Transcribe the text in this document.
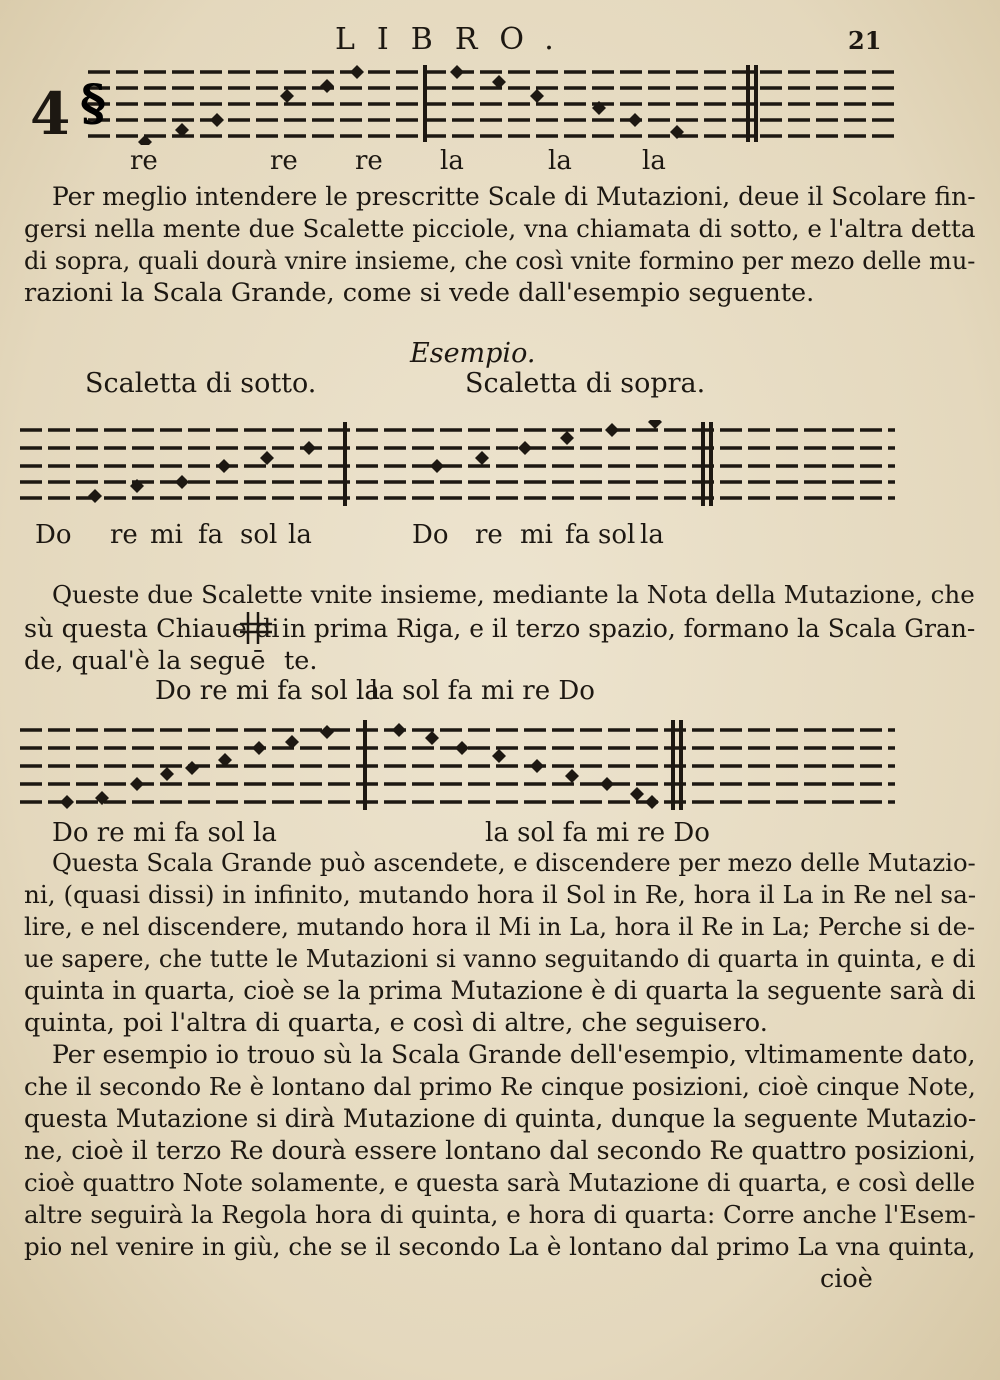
LIBRO.	21
4 §
re	re re la	la	la
Per meglio intendere le prescritte Scale di Mutazioni, deue il Scolare fin-
gersi nella mente due Scalette picciole, vna chiamata di sotto, e l'altra detta
di sopra, quali dourà vnire insieme, che così vnite formino per mezo delle mu-
razioni la Scala Grande, come si vede dall'esempio seguente.
Esempio.
Scaletta di sotto.	Scaletta di sopra.
Do re mi fa sol la	Do re mi fa sol la
Queste due Scalette vnite insieme, mediante la Nota della Mutazione, che
sù questa Chiaue di in prima Riga, e il terzo spazio, formano la Scala Gran-
de, qual'è la seguē te.
Do re mi fa sol la
la sol fa mi re Do
Do re mi fa sol la	la sol fa mi re Do
Questa Scala Grande può ascendete, e discendere per mezo delle Mutazio-
ni, (quasi dissi) in infinito, mutando hora il Sol in Re, hora il La in Re nel sa-
lire, e nel discendere, mutando hora il Mi in La, hora il Re in La; Perche si de-
ue sapere, che tutte le Mutazioni si vanno seguitando di quarta in quinta, e di
quinta in quarta, cioè se la prima Mutazione è di quarta la seguente sarà di
quinta, poi l'altra di quarta, e così di altre, che seguisero.
Per esempio io trouo sù la Scala Grande dell'esempio, vltimamente dato,
che il secondo Re è lontano dal primo Re cinque posizioni, cioè cinque Note,
questa Mutazione si dirà Mutazione di quinta, dunque la seguente Mutazio-
ne, cioè il terzo Re dourà essere lontano dal secondo Re quattro posizioni,
cioè quattro Note solamente, e questa sarà Mutazione di quarta, e così delle
altre seguirà la Regola hora di quinta, e hora di quarta: Corre anche l'Esem-
pio nel venire in giù, che se il secondo La è lontano dal primo La vna quinta,
cioè
